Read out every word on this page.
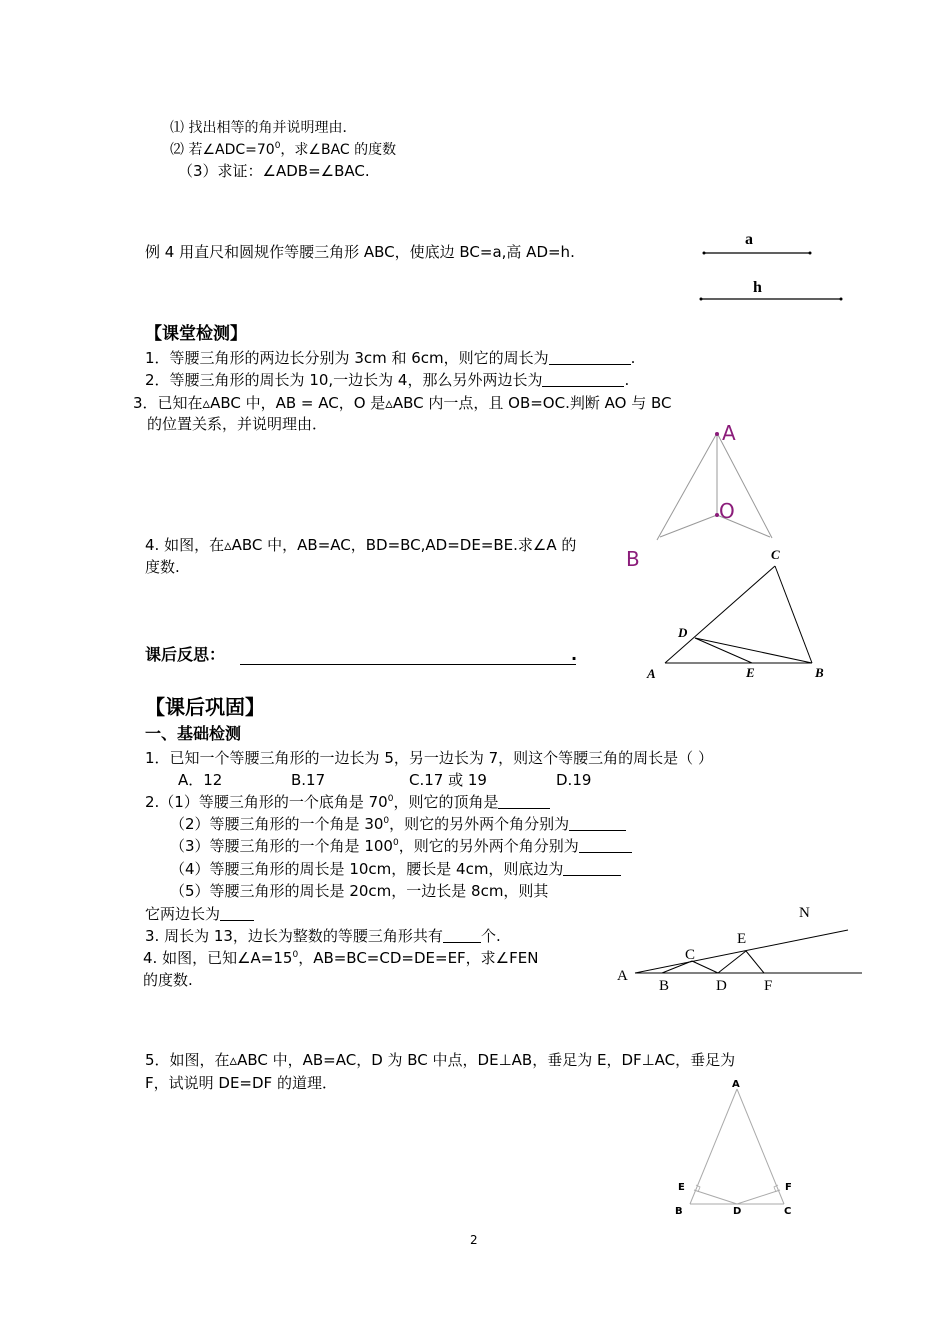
⑴ 找出相等的角并说明理由．
⑵ 若$\angle ADC=70^0$，求∠BAC 的度数
（3）求证：∠ADB=∠BAC.
例 4 用直尺和圆规作等腰三角形 ABC，使底边 BC=a,高 AD=h.
a
h
【课堂检测】
1．等腰三角形的两边长分别为 3cm 和 6cm，则它的周长为	.
2．等腰三角形的周长为 10,一边长为 4，那么另外两边长为	.
3．已知在▵ABC 中，AB = AC，O 是▵ABC 内一点，且 OB=OC.判断 AO 与 BC
的位置关系，并说明理由．	A
O
B
4. 如图，在▵ABC 中，AB=AC，BD=BC,AD=DE=BE.求∠A 的
度数.
C
D
A	E	B
课后反思：	.
【课后巩固】
一、基础检测
1．已知一个等腰三角形的一边长为 5，另一边长为 7，则这个等腰三角的周长是（ ）
A．12	B.17	C.17 或 19	D.19
2.（1）等腰三角形的一个底角是 $70^0$，则它的顶角是
（2）等腰三角形的一个角是 $30^0$，则它的另外两个角分别为
（3）等腰三角形的一个角是 $100^0$，则它的另外两个角分别为
（4）等腰三角形的周长是 10cm，腰长是 4cm，则底边为
（5）等腰三角形的周长是 20cm，一边长是 8cm，则其
它两边长为
3. 周长为 13，边长为整数的等腰三角形共有	个.
4. 如图，已知$\angle A=15^0$，AB=BC=CD=DE=EF，求∠FEN
的度数.
N
E
C
A
B	D F
5．如图，在▵ABC 中，AB=AC，D 为 BC 中点，DE⊥AB，垂足为 E，DF⊥AC，垂足为
F，试说明 DE=DF 的道理．	A
E	F
B	D	C
2
